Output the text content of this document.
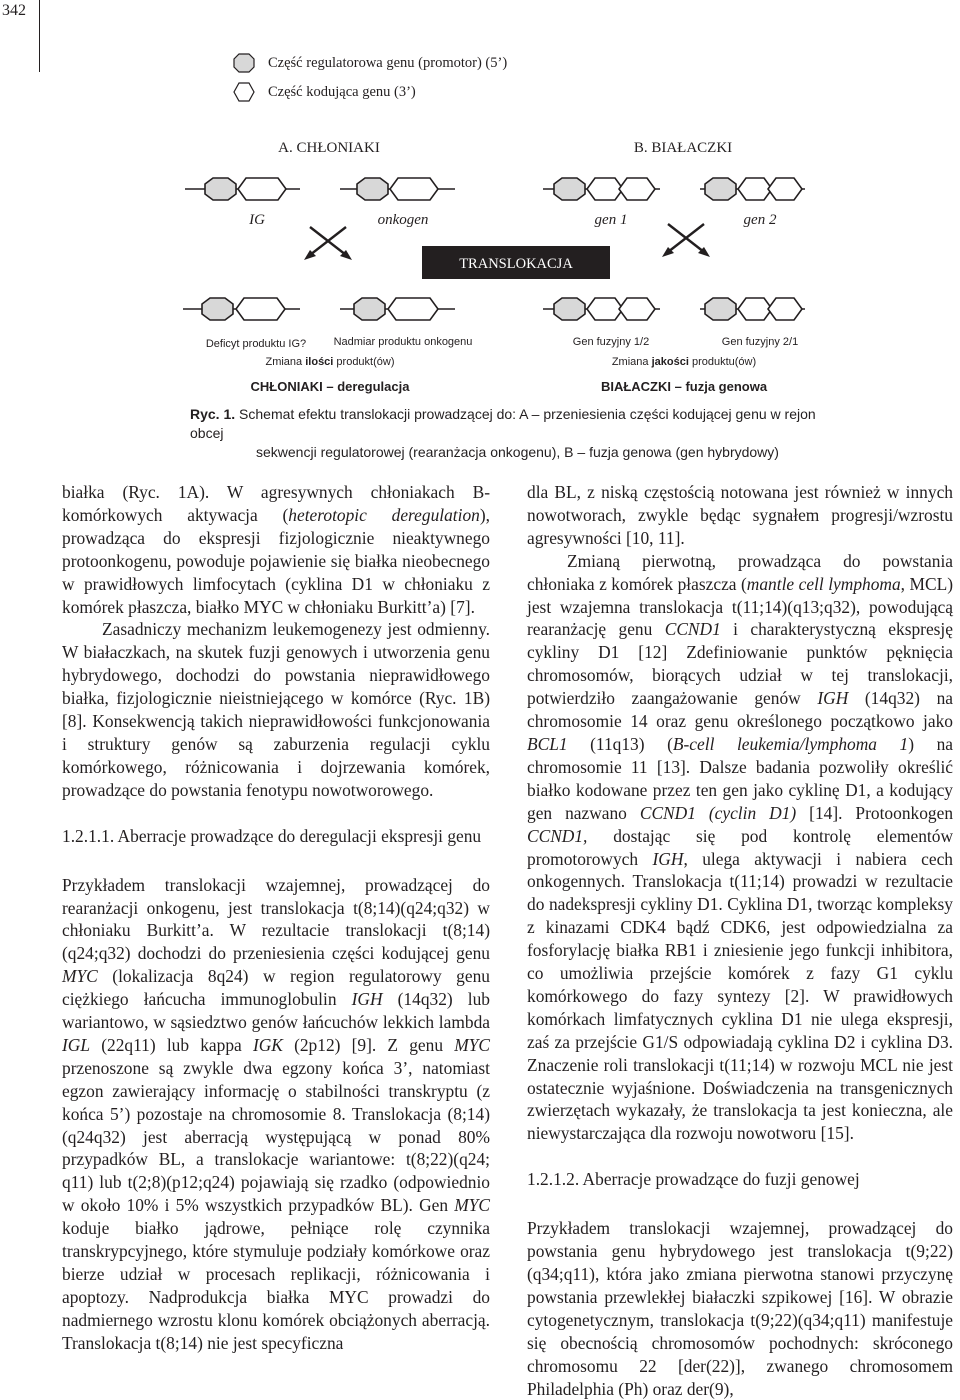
342
Część regulatorowa genu (promotor) (5’)
Część kodująca genu (3’)
TRANSLOKACJA
A. CHŁONIAKI	B. BIAŁACZKI
IG	onkogen	gen 1	gen 2
Deficyt produktu IG? Nadmiar produktu onkogenu
Zmiana ilości produkt(ów)
Gen fuzyjny 1/2	Gen fuzyjny 2/1
Zmiana jakości produktu(ów)
CHŁONIAKI – deregulacja	BIAŁACZKI – fuzja genowa
Ryc. 1. Schemat efektu translokacji prowadzącej do: A – przeniesienia części kodującej genu w rejon obcej
sekwencji regulatorowej (rearanżacja onkogenu), B – fuzja genowa (gen hybrydowy)

białka (Ryc. 1A). W agresywnych chłoniakach B-komórkowych aktywacja (heterotopic deregulation), prowadząca do ekspresji fizjologicznie nieaktywnego protoonkogenu, powoduje pojawienie się białka nieobecnego w prawidłowych limfocytach (cyklina D1 w chłoniaku z komórek płaszcza, białko MYC w chłoniaku Burkitt’a) [7].

Zasadniczy mechanizm leukemogenezy jest odmienny. W białaczkach, na skutek fuzji genowych i utworzenia genu hybrydowego, dochodzi do powstania nieprawidłowego białka, fizjologicznie nieistniejącego w komórce (Ryc. 1B) [8]. Konsekwencją takich nieprawidłowości funkcjonowania i struktury genów są zaburzenia regulacji cyklu komórkowego, różnicowania i dojrzewania komórek, prowadzące do powstania fenotypu nowotworowego.

1.2.1.1. Aberracje prowadzące do deregulacji ekspresji genu

Przykładem translokacji wzajemnej, prowadzącej do rearanżacji onkogenu, jest translokacja t(8;14)(q24;q32) w chłoniaku Burkitt’a. W rezultacie translokacji t(8;14)(q24;q32) dochodzi do przeniesienia części kodującej genu MYC (lokalizacja 8q24) w region regulatorowy genu ciężkiego łańcucha immunoglobulin IGH (14q32) lub wariantowo, w sąsiedztwo genów łańcuchów lekkich lambda IGL (22q11) lub kappa IGK (2p12) [9]. Z genu MYC przenoszone są zwykle dwa egzony końca 3’, natomiast egzon zawierający informację o stabilności transkryptu (z końca 5’) pozostaje na chromosomie 8. Translokacja (8;14)(q24q32) jest aberracją występującą w ponad 80% przypadków BL, a translokacje wariantowe: t(8;22)(q24; q11) lub t(2;8)(p12;q24) pojawiają się rzadko (odpowiednio w około 10% i 5% wszystkich przypadków BL). Gen MYC koduje białko jądrowe, pełniące rolę czynnika transkrypcyjnego, które stymuluje podziały komórkowe oraz bierze udział w procesach replikacji, różnicowania i apoptozy. Nadprodukcja białka MYC prowadzi do nadmiernego wzrostu klonu komórek obciążonych aberracją. Translokacja t(8;14) nie jest specyficzna

dla BL, z niską częstością notowana jest również w innych nowotworach, zwykle będąc sygnałem progresji/wzrostu agresywności [10, 11].

Zmianą pierwotną, prowadząca do powstania chłoniaka z komórek płaszcza (mantle cell lymphoma, MCL) jest wzajemna translokacja t(11;14)(q13;q32), powodującą rearanżację genu CCND1 i charakterystyczną ekspresję cykliny D1 [12] Zdefiniowanie punktów pęknięcia chromosomów, biorących udział w tej translokacji, potwierdziło zaangażowanie genów IGH (14q32) na chromosomie 14 oraz genu określonego początkowo jako BCL1 (11q13) (B-cell leukemia/lymphoma 1) na chromosomie 11 [13]. Dalsze badania pozwoliły określić białko kodowane przez ten gen jako cyklinę D1, a kodujący gen nazwano CCND1 (cyclin D1) [14]. Protoonkogen CCND1, dostając się pod kontrolę elementów promotorowych IGH, ulega aktywacji i nabiera cech onkogennych. Translokacja t(11;14) prowadzi w rezultacie do nadekspresji cykliny D1. Cyklina D1, tworząc kompleksy z kinazami CDK4 bądź CDK6, jest odpowiedzialna za fosforylację białka RB1 i zniesienie jego funkcji inhibitora, co umożliwia przejście komórek z fazy G1 cyklu komórkowego do fazy syntezy [2]. W prawidłowych komórkach limfatycznych cyklina D1 nie ulega ekspresji, zaś za przejście G1/S odpowiadają cyklina D2 i cyklina D3. Znaczenie roli translokacji t(11;14) w rozwoju MCL nie jest ostatecznie wyjaśnione. Doświadczenia na transgenicznych zwierzętach wykazały, że translokacja ta jest konieczna, ale niewystarczająca dla rozwoju nowotworu [15].

1.2.1.2. Aberracje prowadzące do fuzji genowej

Przykładem translokacji wzajemnej, prowadzącej do powstania genu hybrydowego jest translokacja t(9;22)(q34;q11), która jako zmiana pierwotna stanowi przyczynę powstania przewlekłej białaczki szpikowej [16]. W obrazie cytogenetycznym, translokacja t(9;22)(q34;q11) manifestuje się obecnością chromosomów pochodnych: skróconego chromosomu 22 [der(22)], zwanego chromosomem Philadelphia (Ph) oraz der(9),
